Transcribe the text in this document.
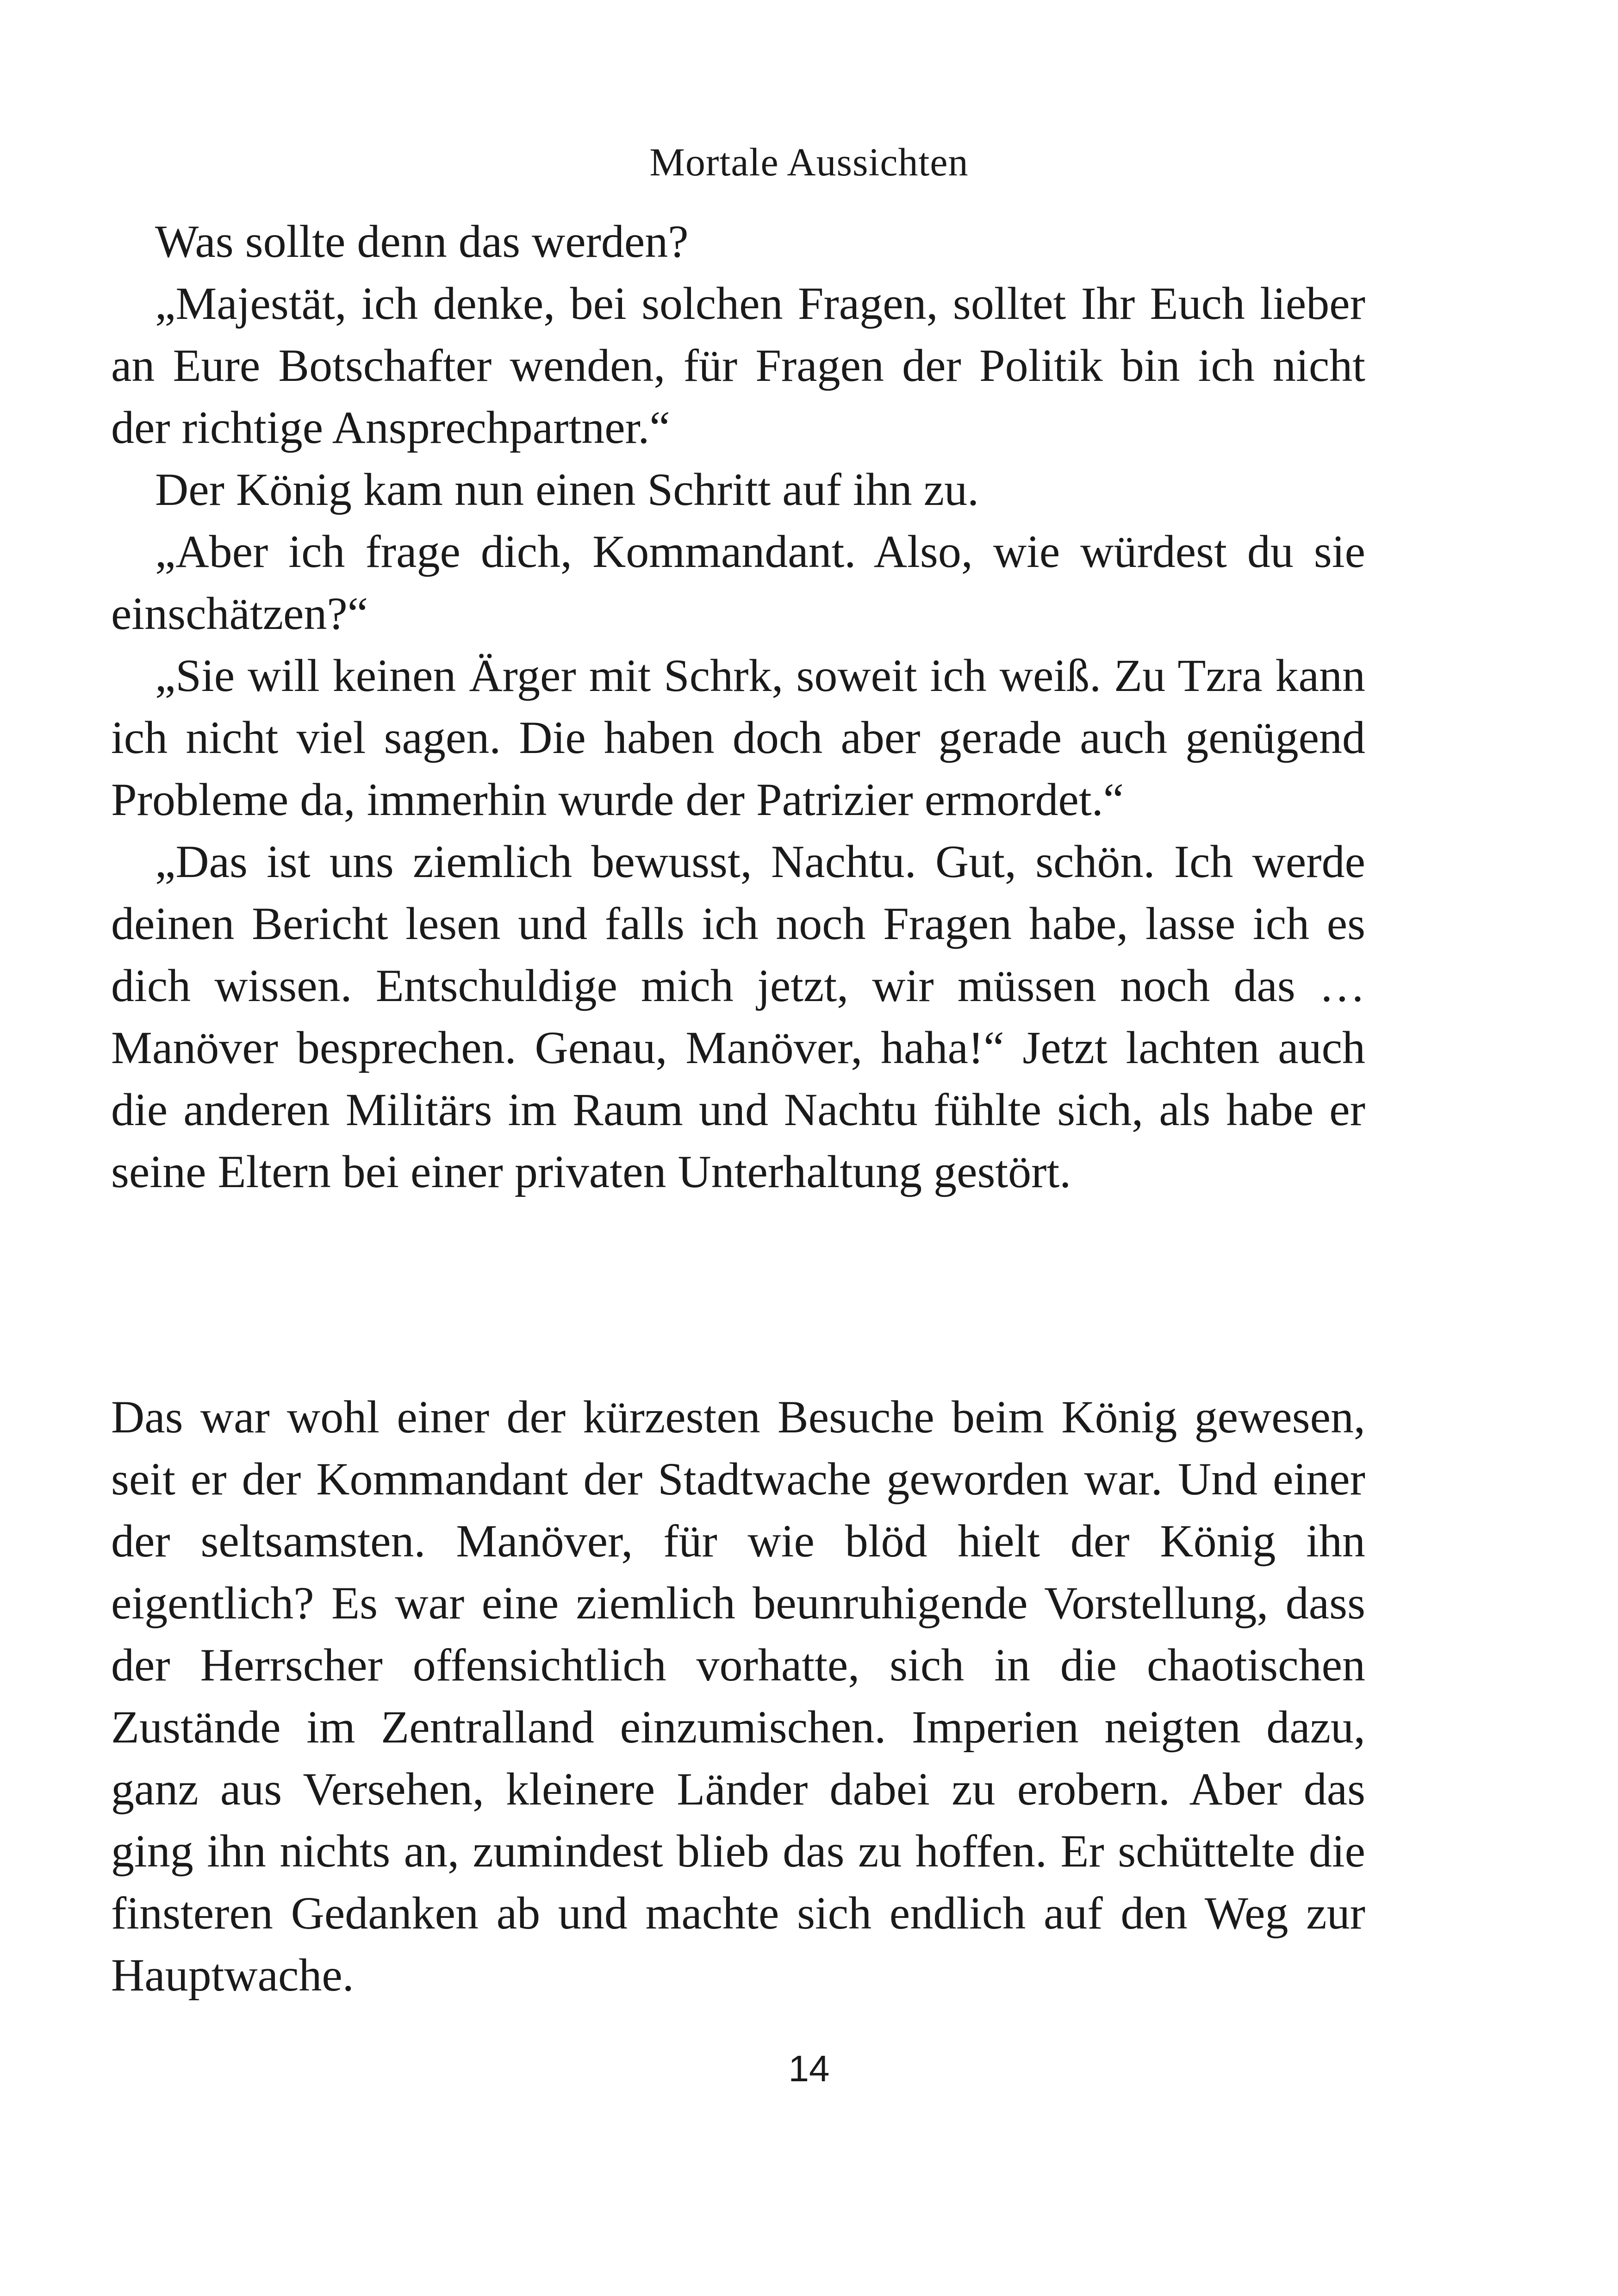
Mortale Aussichten

Was sollte denn das werden?

„Majestät, ich denke, bei solchen Fragen, solltet Ihr Euch lieber an Eure Botschafter wenden, für Fragen der Politik bin ich nicht der richtige Ansprechpartner.“

Der König kam nun einen Schritt auf ihn zu.

„Aber ich frage dich, Kommandant. Also, wie würdest du sie einschätzen?“

„Sie will keinen Ärger mit Schrk, soweit ich weiß. Zu Tzra kann ich nicht viel sagen. Die haben doch aber gerade auch genügend Probleme da, immerhin wurde der Patrizier ermordet.“

„Das ist uns ziemlich bewusst, Nachtu. Gut, schön. Ich werde deinen Bericht lesen und falls ich noch Fragen habe, lasse ich es dich wissen. Entschuldige mich jetzt, wir müssen noch das … Manöver besprechen. Genau, Manöver, haha!“ Jetzt lachten auch die anderen Militärs im Raum und Nachtu fühlte sich, als habe er seine Eltern bei einer privaten Unterhaltung gestört.

Das war wohl einer der kürzesten Besuche beim König gewesen, seit er der Kommandant der Stadtwache geworden war. Und einer der seltsamsten. Manöver, für wie blöd hielt der König ihn eigentlich? Es war eine ziemlich beunruhigende Vorstellung, dass der Herrscher offensichtlich vorhatte, sich in die chaotischen Zustände im Zentralland einzumischen. Imperien neigten dazu, ganz aus Versehen, kleinere Länder dabei zu erobern. Aber das ging ihn nichts an, zumindest blieb das zu hoffen. Er schüttelte die finsteren Gedanken ab und machte sich endlich auf den Weg zur Hauptwache.

14
